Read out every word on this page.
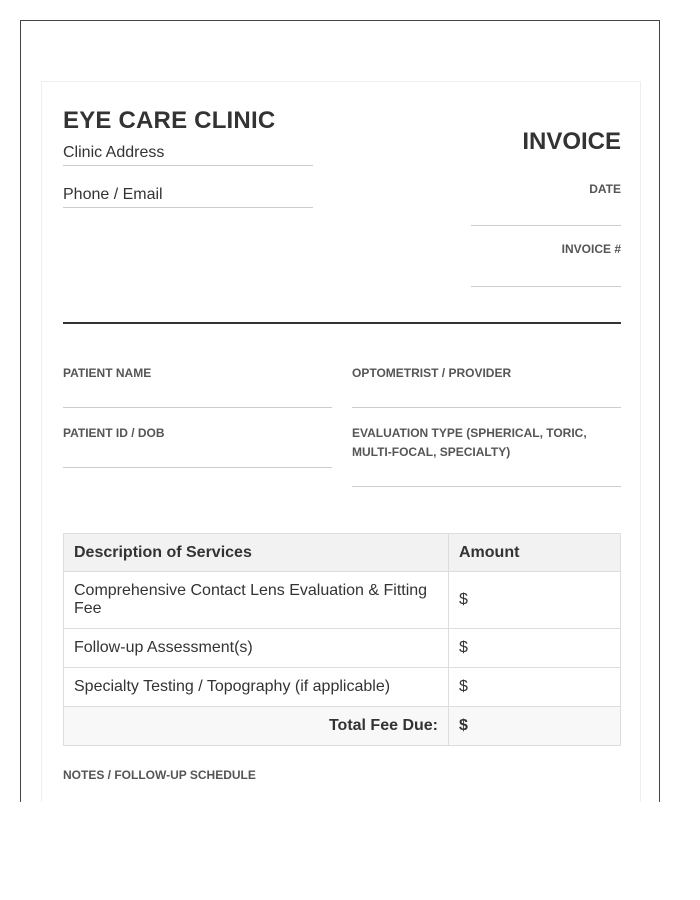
EYE CARE CLINIC
Clinic Address
Phone / Email
INVOICE
DATE
INVOICE #
PATIENT NAME	OPTOMETRIST / PROVIDER
PATIENT ID / DOB	EVALUATION TYPE (SPHERICAL, TORIC, MULTI-FOCAL, SPECIALTY)
Description of Services	Amount
Comprehensive Contact Lens Evaluation & Fitting Fee	$
Follow-up Assessment(s)	$
Specialty Testing / Topography (if applicable)	$
Total Fee Due:	$
NOTES / FOLLOW-UP SCHEDULE
